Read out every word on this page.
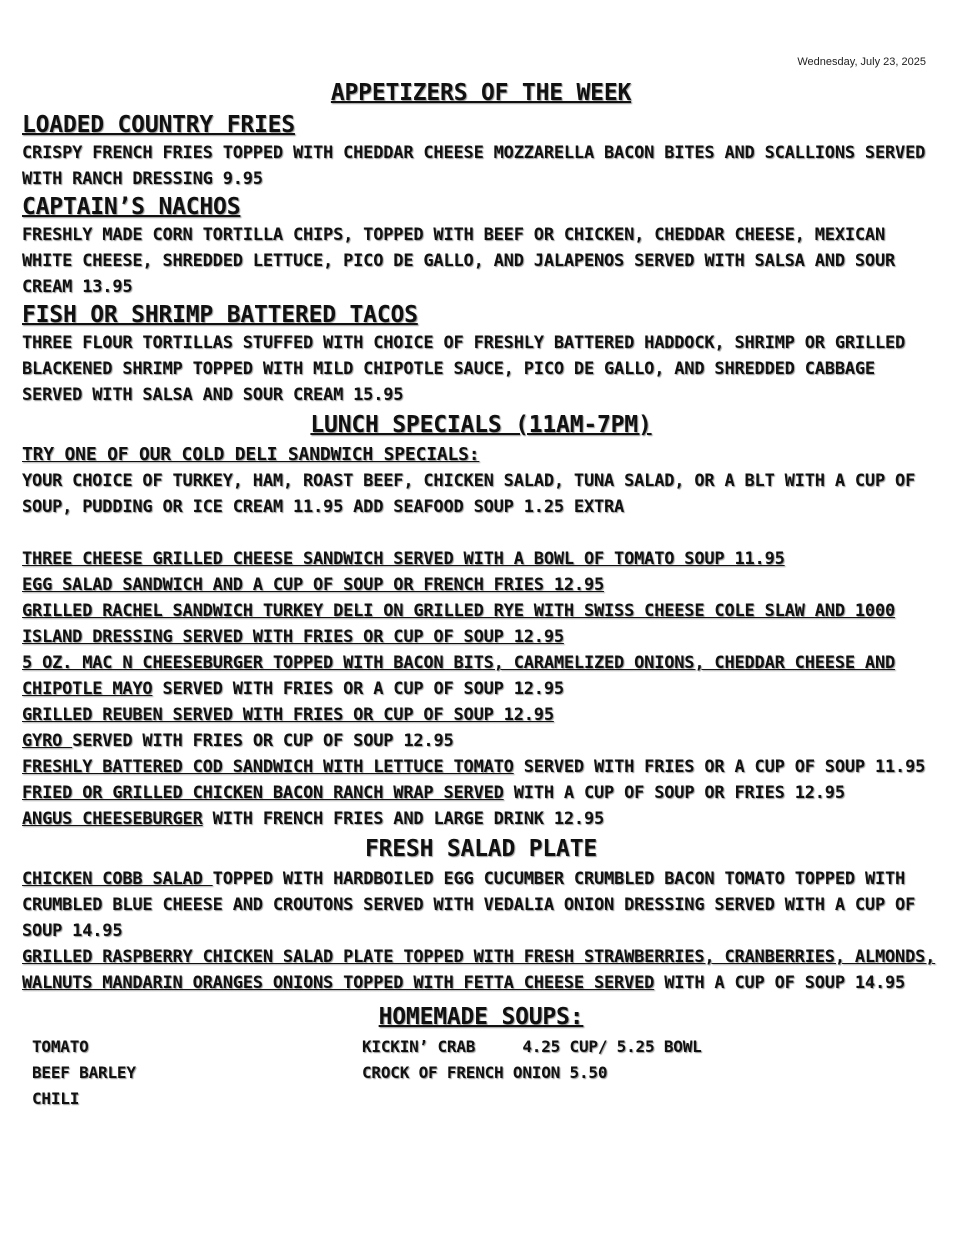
Wednesday, July 23, 2025
APPETIZERS OF THE WEEK
LOADED COUNTRY FRIES

CRISPY FRENCH FRIES TOPPED WITH CHEDDAR CHEESE MOZZARELLA BACON BITES AND SCALLIONS SERVED WITH RANCH DRESSING 9.95

CAPTAIN’S NACHOS

FRESHLY MADE CORN TORTILLA CHIPS, TOPPED WITH BEEF OR CHICKEN, CHEDDAR CHEESE, MEXICAN WHITE CHEESE, SHREDDED LETTUCE, PICO DE GALLO, AND JALAPENOS SERVED WITH SALSA AND SOUR CREAM 13.95

FISH OR SHRIMP BATTERED TACOS

THREE FLOUR TORTILLAS STUFFED WITH CHOICE OF FRESHLY BATTERED HADDOCK, SHRIMP OR GRILLED BLACKENED SHRIMP TOPPED WITH MILD CHIPOTLE SAUCE, PICO DE GALLO, AND SHREDDED CABBAGE SERVED WITH SALSA AND SOUR CREAM 15.95

LUNCH SPECIALS (11AM-7PM)

TRY ONE OF OUR COLD DELI SANDWICH SPECIALS:

YOUR CHOICE OF TURKEY, HAM, ROAST BEEF, CHICKEN SALAD, TUNA SALAD, OR A BLT WITH A CUP OF SOUP, PUDDING OR ICE CREAM 11.95 ADD SEAFOOD SOUP 1.25 EXTRA

THREE CHEESE GRILLED CHEESE SANDWICH SERVED WITH A BOWL OF TOMATO SOUP 11.95

EGG SALAD SANDWICH AND A CUP OF SOUP OR FRENCH FRIES 12.95

GRILLED RACHEL SANDWICH TURKEY DELI ON GRILLED RYE WITH SWISS CHEESE COLE SLAW AND 1000 ISLAND DRESSING SERVED WITH FRIES OR CUP OF SOUP 12.95

5 OZ. MAC N CHEESEBURGER TOPPED WITH BACON BITS, CARAMELIZED ONIONS, CHEDDAR CHEESE AND CHIPOTLE MAYO SERVED WITH FRIES OR A CUP OF SOUP 12.95

GRILLED REUBEN SERVED WITH FRIES OR CUP OF SOUP 12.95

GYRO SERVED WITH FRIES OR CUP OF SOUP 12.95

FRESHLY BATTERED COD SANDWICH WITH LETTUCE TOMATO SERVED WITH FRIES OR A CUP OF SOUP 11.95

FRIED OR GRILLED CHICKEN BACON RANCH WRAP SERVED WITH A CUP OF SOUP OR FRIES 12.95

ANGUS CHEESEBURGER WITH FRENCH FRIES AND LARGE DRINK 12.95

FRESH SALAD PLATE

CHICKEN COBB SALAD TOPPED WITH HARDBOILED EGG CUCUMBER CRUMBLED BACON TOMATO TOPPED WITH CRUMBLED BLUE CHEESE AND CROUTONS SERVED WITH VEDALIA ONION DRESSING SERVED WITH A CUP OF SOUP 14.95

GRILLED RASPBERRY CHICKEN SALAD PLATE TOPPED WITH FRESH STRAWBERRIES, CRANBERRIES, ALMONDS, WALNUTS MANDARIN ORANGES ONIONS TOPPED WITH FETTA CHEESE SERVED WITH A CUP OF SOUP 14.95

HOMEMADE SOUPS:
TOMATO
BEEF BARLEY
CHILI
KICKIN’ CRAB     4.25 CUP/ 5.25 BOWL
CROCK OF FRENCH ONION 5.50
